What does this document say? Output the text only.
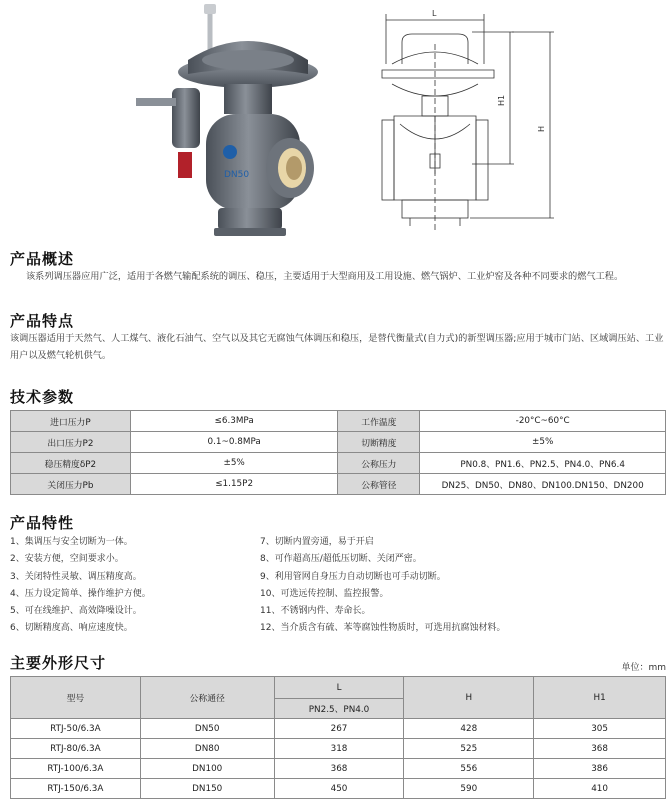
DN50
L
H1
H
产品概述
该系列调压器应用广泛，适用于各燃气输配系统的调压、稳压，主要适用于大型商用及工用设施、燃气锅炉、工业炉窑及各种不同要求的燃气工程。
产品特点
该调压器适用于天然气、人工煤气、液化石油气、空气以及其它无腐蚀气体调压和稳压，是替代衡量式(自力式)的新型调压器;应用于城市门站、区域调压站、工业用户以及燃气轮机供气。
技术参数
进口压力P	≤6.3MPa	工作温度	-20°C~60°C
出口压力P2	0.1~0.8MPa	切断精度	±5%
稳压精度δP2	±5%	公称压力	PN0.8、PN1.6、PN2.5、PN4.0、PN6.4
关闭压力Pb	≤1.15P2	公称管径	DN25、DN50、DN80、DN100.DN150、DN200
产品特性
1、集调压与安全切断为一体。
2、安装方便，空间要求小。
3、关闭特性灵敏、调压精度高。
4、压力设定简单、操作维护方便。
5、可在线维护、高效降噪设计。
6、切断精度高、响应速度快。
7、切断内置旁通，易于开启
8、可作超高压/超低压切断、关闭严密。
9、利用管网自身压力自动切断也可手动切断。
10、可选远传控制、监控报警。
11、不锈钢内件、寿命长。
12、当介质含有硫、苯等腐蚀性物质时，可选用抗腐蚀材料。
主要外形尺寸	单位：mm
型号	公称通径	L	H	H1
		PN2.5、PN4.0		
RTJ-50/6.3A	DN50	267	428	305
RTJ-80/6.3A	DN80	318	525	368
RTJ-100/6.3A	DN100	368	556	386
RTJ-150/6.3A	DN150	450	590	410
